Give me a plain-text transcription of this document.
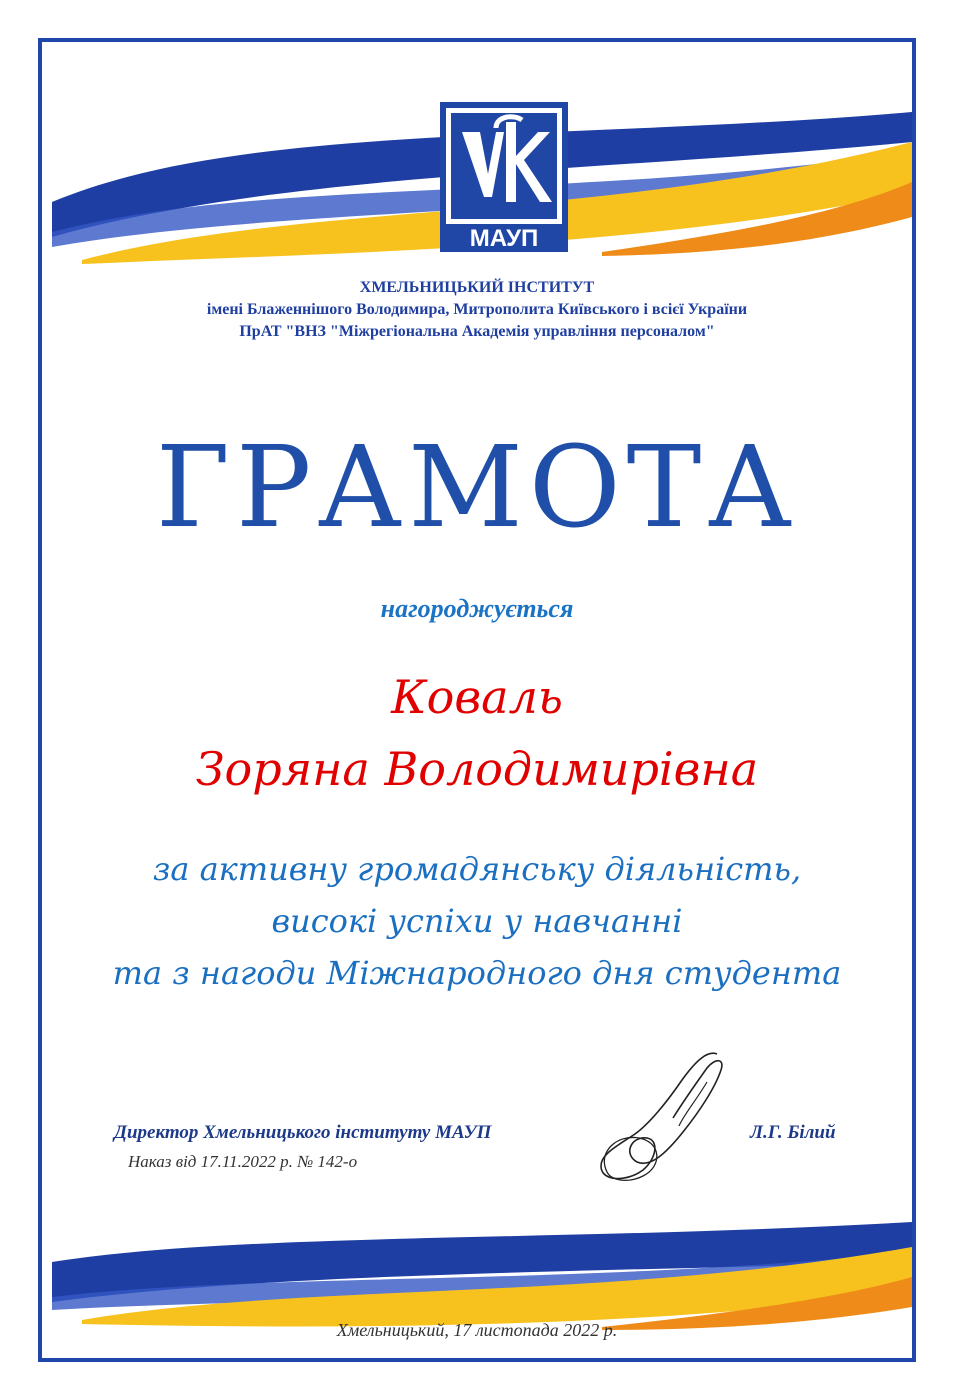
МАУП
ХМЕЛЬНИЦЬКИЙ ІНСТИТУТ
імені Блаженнішого Володимира, Митрополита Київського і всієї України
ПрАТ "ВНЗ "Міжрегіональна Академія управління персоналом"
ГРАМОТА
нагороджується
Коваль
Зоряна Володимирівна
за активну громадянську діяльність,
високі успіхи у навчанні
та з нагоди Міжнародного дня студента
Директор Хмельницького інституту МАУП
Наказ від 17.11.2022 р. № 142-о
Л.Г. Білий
Хмельницький, 17 листопада 2022 р.
